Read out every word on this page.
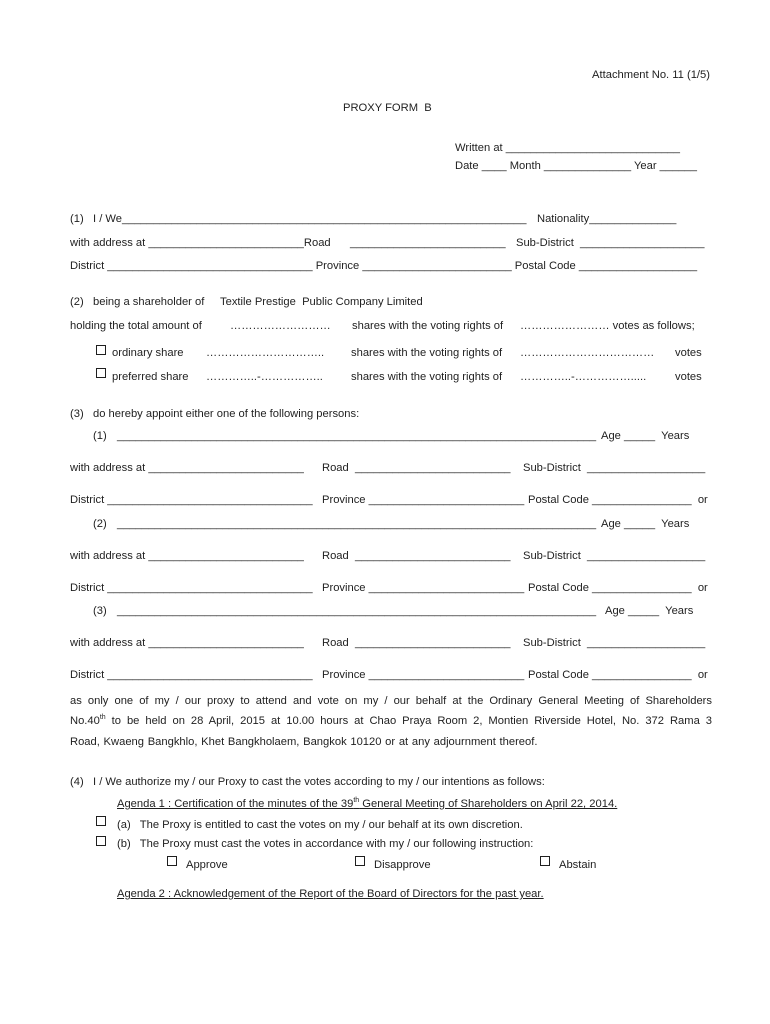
Attachment No. 11 (1/5)
PROXY FORM  B
Written at ____________________________
Date ____ Month ______________ Year ______
(1)   I / We_________________________________________________________________ Nationality______________
with address at _________________________Road _________________________ Sub-District  ____________________
District _________________________________ Province ________________________ Postal Code ___________________
(2)   being a shareholder of Textile Prestige  Public Company Limited
holding the total amount of	……………………… shares with the voting rights of …………………… votes as follows;
ordinary share ………………………….. shares with the voting rights of ……………………………… votes
preferred share …………..-……………..	shares with the voting rights of …………..-…………….....	votes
(3)   do hereby appoint either one of the following persons:
(1) _____________________________________________________________________________ Age _____  Years
with address at _________________________ Road  _________________________ Sub-District  ___________________
District _________________________________ Province _________________________ Postal Code ________________  or
(2) _____________________________________________________________________________ Age _____  Years
with address at _________________________ Road  _________________________ Sub-District  ___________________
District _________________________________ Province _________________________ Postal Code ________________  or
(3) _____________________________________________________________________________ Age _____  Years
with address at _________________________ Road  _________________________ Sub-District  ___________________
District _________________________________ Province _________________________ Postal Code ________________  or
as only one of my / our proxy to attend and vote on my / our behalf at the Ordinary General Meeting of Shareholders
No.40th to be held on 28 April, 2015 at 10.00 hours at Chao Praya Room 2, Montien Riverside Hotel, No. 372 Rama 3
Road, Kwaeng Bangkhlo, Khet Bangkholaem, Bangkok 10120 or at any adjournment thereof.
(4)   I / We authorize my / our Proxy to cast the votes according to my / our intentions as follows:
Agenda 1 : Certification of the minutes of the 39th General Meeting of Shareholders on April 22, 2014.
(a)   The Proxy is entitled to cast the votes on my / our behalf at its own discretion.
(b)   The Proxy must cast the votes in accordance with my / our following instruction:
Approve	Disapprove	Abstain
Agenda 2 : Acknowledgement of the Report of the Board of Directors for the past year.
